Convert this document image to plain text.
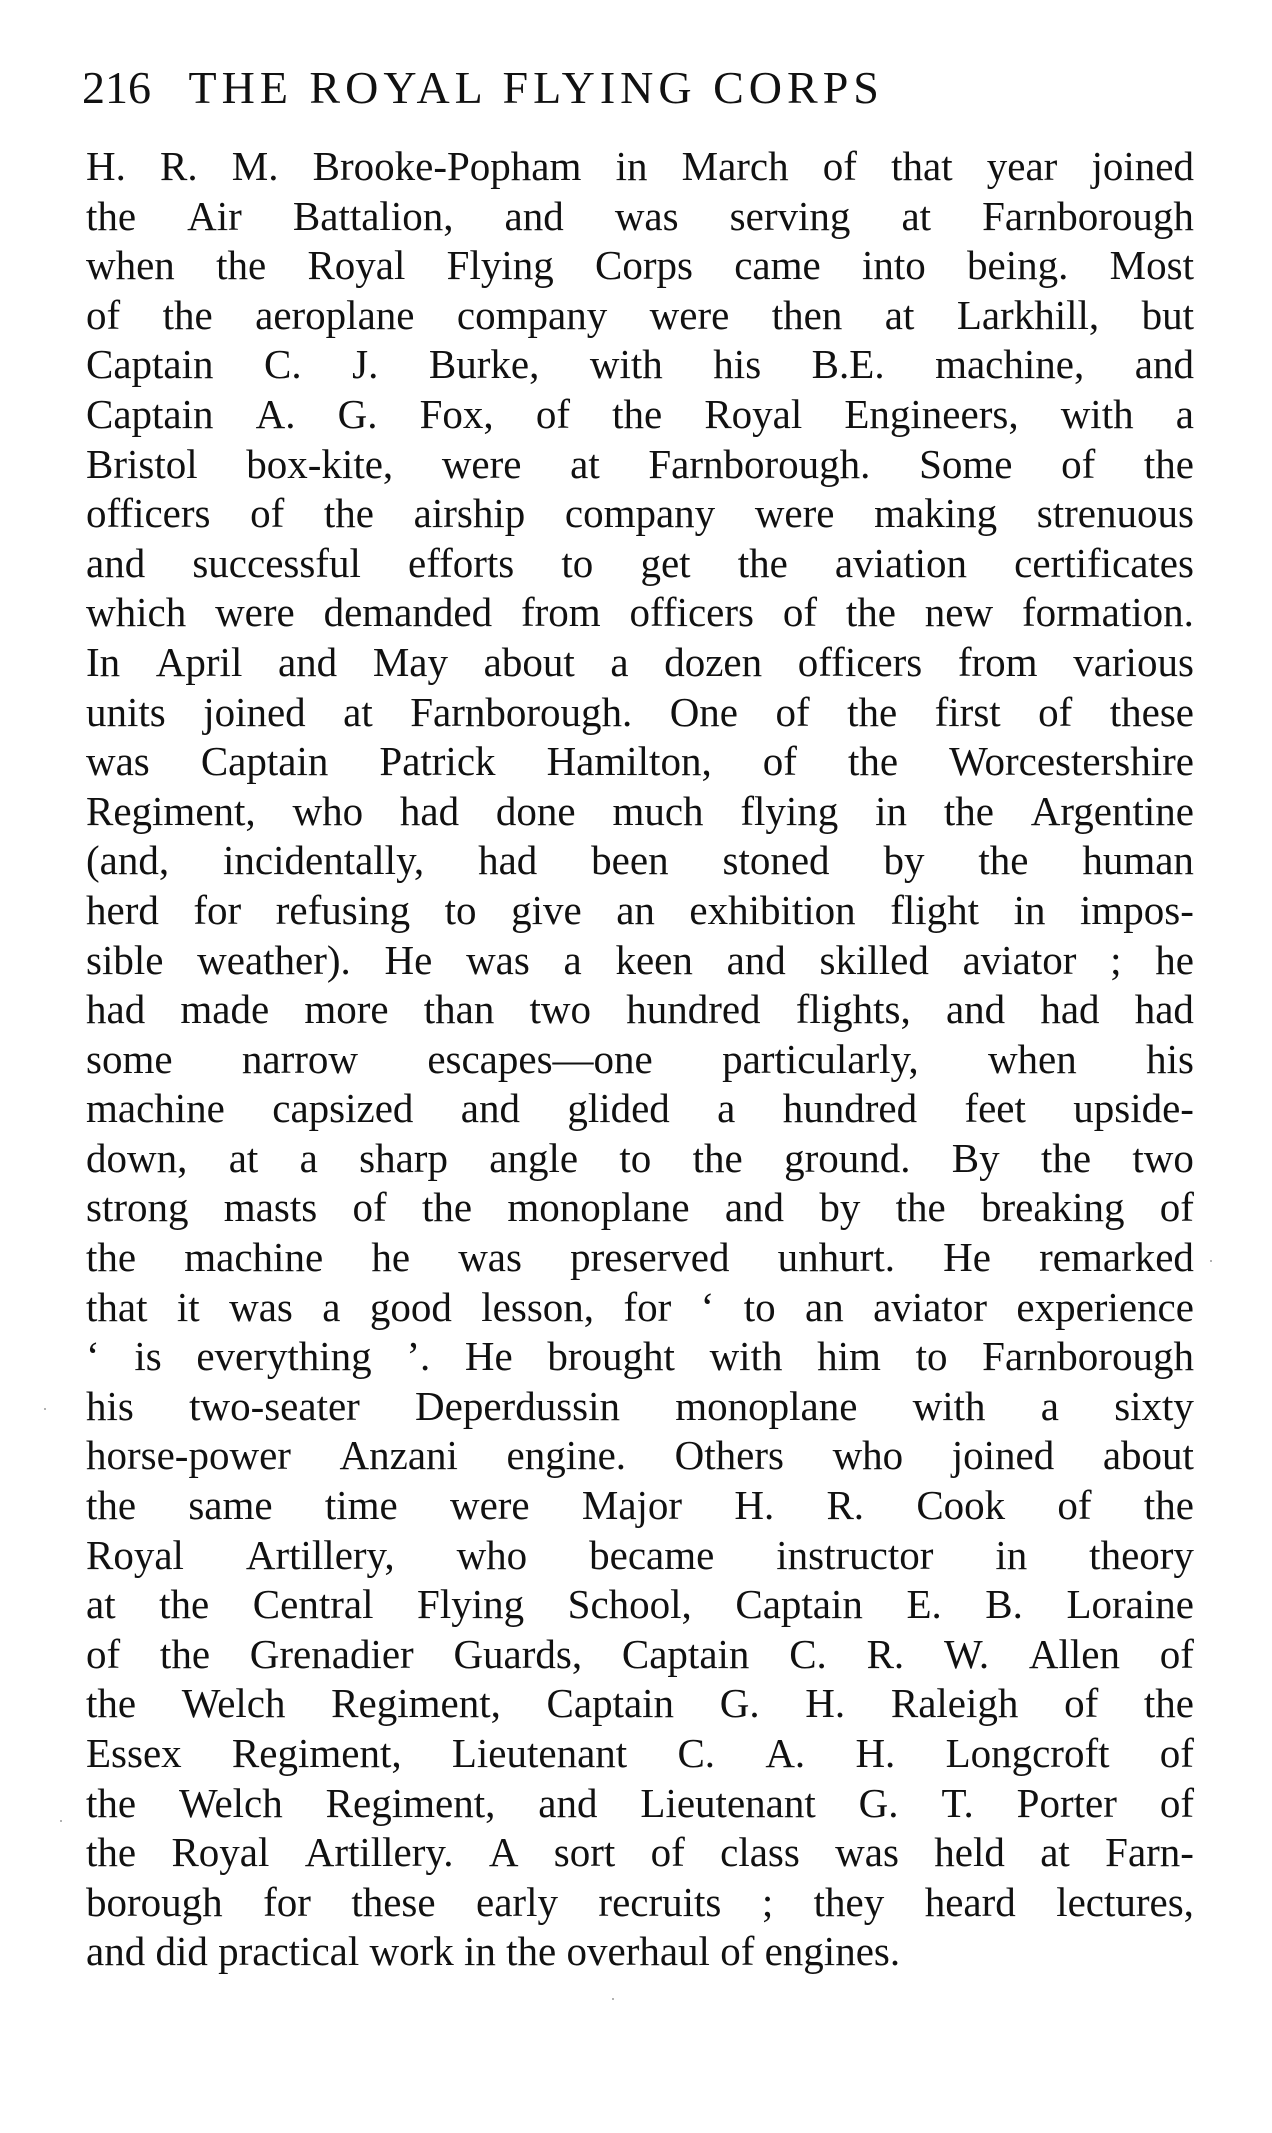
216 THE ROYAL FLYING CORPS
H. R. M. Brooke-Popham in March of that year joined
the Air Battalion, and was serving at Farnborough
when the Royal Flying Corps came into being. Most
of the aeroplane company were then at Larkhill, but
Captain C. J. Burke, with his B.E. machine, and
Captain A. G. Fox, of the Royal Engineers, with a
Bristol box-kite, were at Farnborough. Some of the
officers of the airship company were making strenuous
and successful efforts to get the aviation certificates
which were demanded from officers of the new formation.
In April and May about a dozen officers from various
units joined at Farnborough. One of the first of these
was Captain Patrick Hamilton, of the Worcestershire
Regiment, who had done much flying in the Argentine
(and, incidentally, had been stoned by the human
herd for refusing to give an exhibition flight in impos-
sible weather). He was a keen and skilled aviator ; he
had made more than two hundred flights, and had had
some narrow escapes—one particularly, when his
machine capsized and glided a hundred feet upside-
down, at a sharp angle to the ground. By the two
strong masts of the monoplane and by the breaking of
the machine he was preserved unhurt. He remarked
that it was a good lesson, for ‘ to an aviator experience
‘ is everything ’. He brought with him to Farnborough
his two-seater Deperdussin monoplane with a sixty
horse-power Anzani engine. Others who joined about
the same time were Major H. R. Cook of the
Royal Artillery, who became instructor in theory
at the Central Flying School, Captain E. B. Loraine
of the Grenadier Guards, Captain C. R. W. Allen of
the Welch Regiment, Captain G. H. Raleigh of the
Essex Regiment, Lieutenant C. A. H. Longcroft of
the Welch Regiment, and Lieutenant G. T. Porter of
the Royal Artillery. A sort of class was held at Farn-
borough for these early recruits ; they heard lectures,
and did practical work in the overhaul of engines.
